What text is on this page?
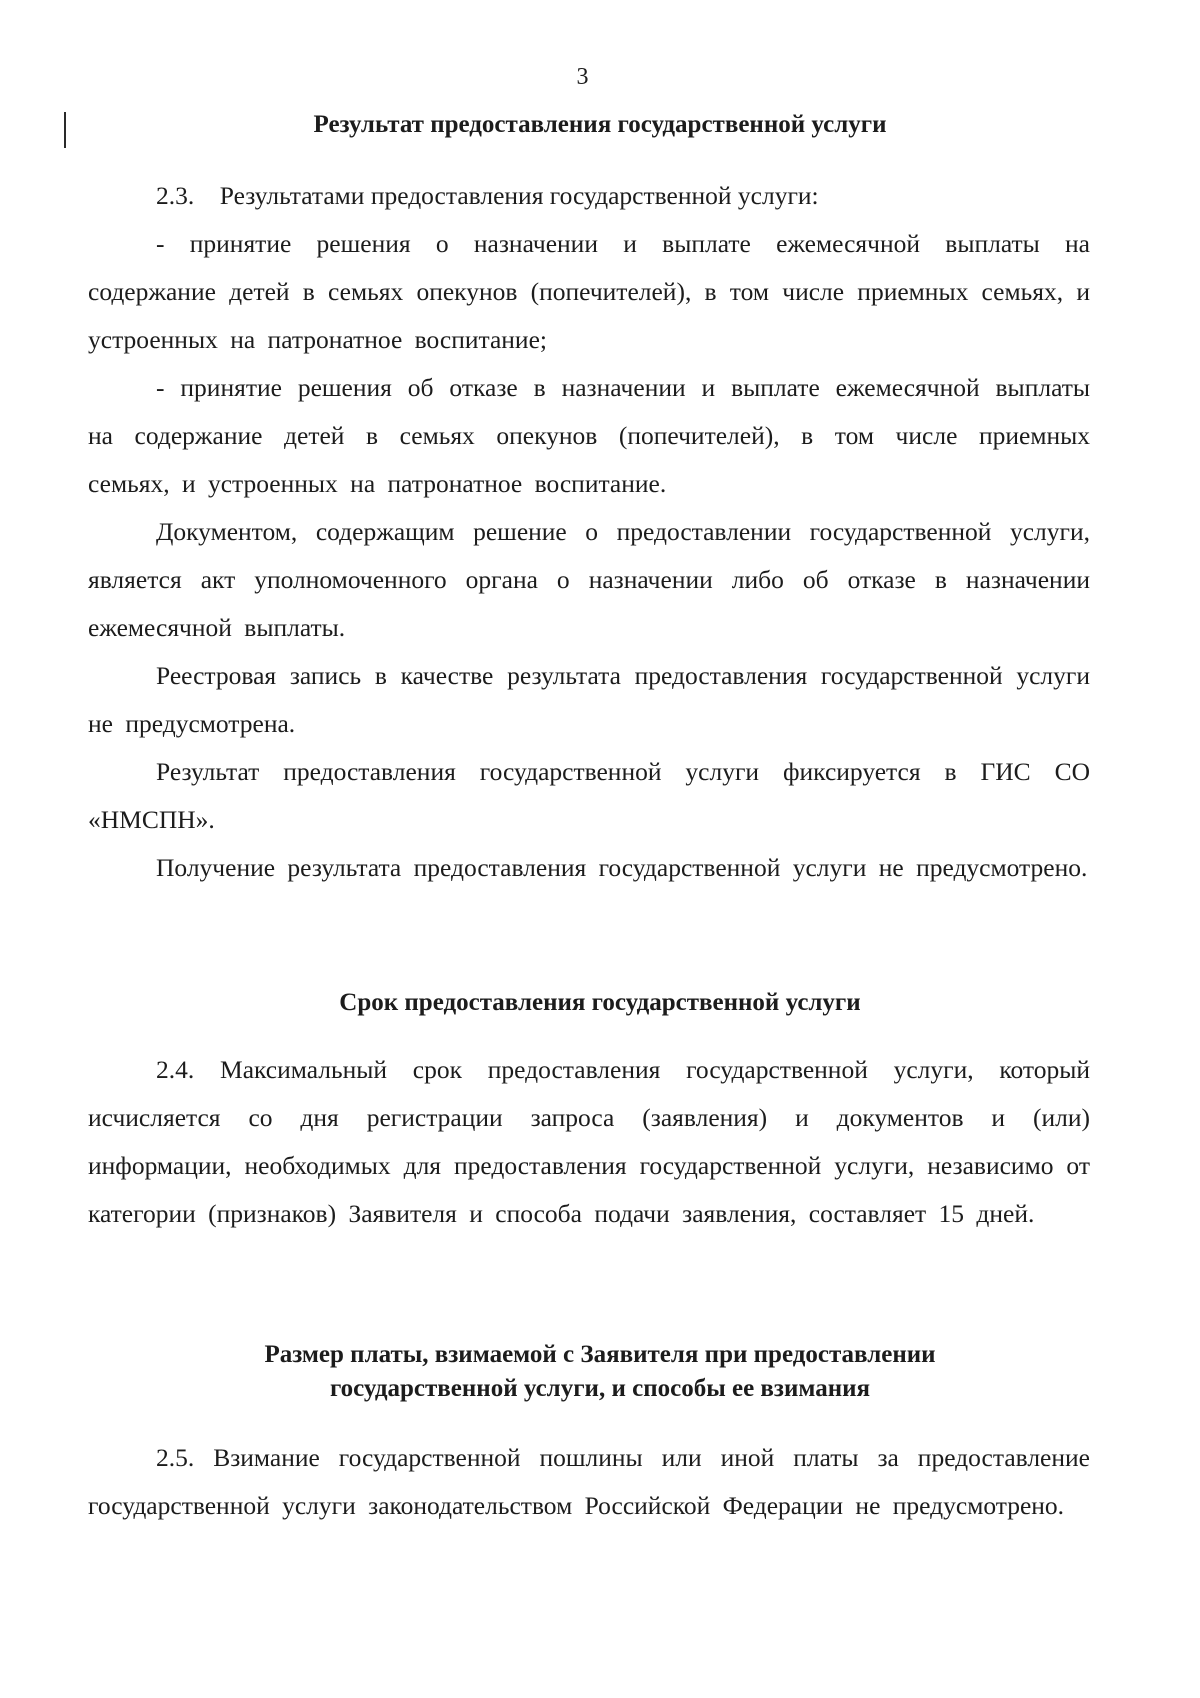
3
Результат предоставления государственной услуги
2.3.    Результатами предоставления государственной услуги:
- принятие решения о назначении и выплате ежемесячной выплаты на содержание детей в семьях опекунов (попечителей), в том числе приемных семьях, и устроенных на патронатное воспитание;
- принятие решения об отказе в назначении и выплате ежемесячной выплаты на содержание детей в семьях опекунов (попечителей), в том числе приемных семьях, и устроенных на патронатное воспитание.
Документом, содержащим решение о предоставлении государственной услуги, является акт уполномоченного органа о назначении либо об отказе в назначении ежемесячной выплаты.
Реестровая запись в качестве результата предоставления государственной услуги не предусмотрена.
Результат предоставления государственной услуги фиксируется в ГИС СО «НМСПН».
Получение результата предоставления государственной услуги не предусмотрено.
Срок предоставления государственной услуги
2.4. Максимальный срок предоставления государственной услуги, который исчисляется со дня регистрации запроса (заявления) и документов и (или) информации, необходимых для предоставления государственной услуги, независимо от категории (признаков) Заявителя и способа подачи заявления, составляет 15 дней.
Размер платы, взимаемой с Заявителя при предоставлении
государственной услуги, и способы ее взимания
2.5. Взимание государственной пошлины или иной платы за предоставление государственной услуги законодательством Российской Федерации не предусмотрено.
